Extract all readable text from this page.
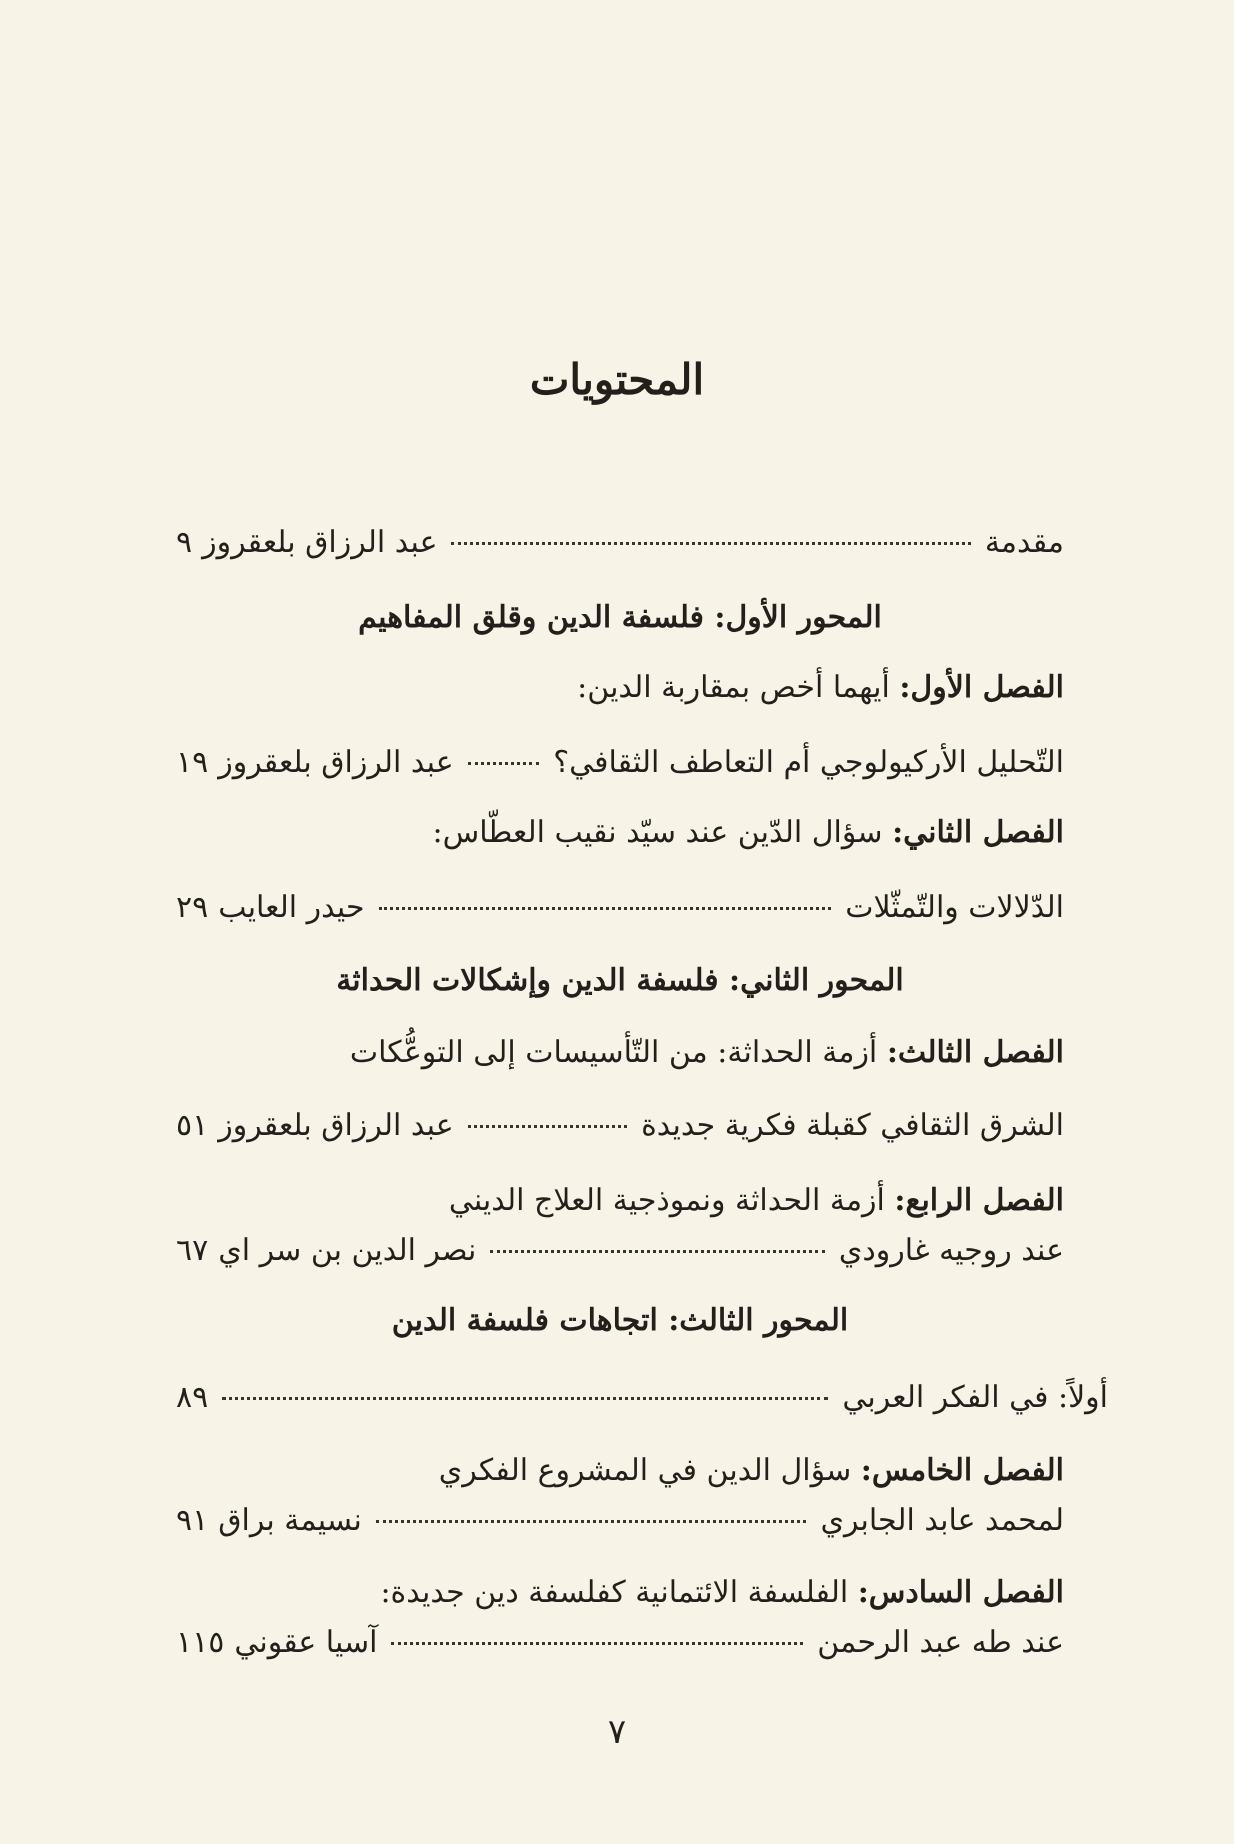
المحتويات
مقدمة
عبد الرزاق بلعقروز
٩
المحور الأول: فلسفة الدين وقلق المفاهيم
الفصل الأول: أيهما أخص بمقاربة الدين:
التّحليل الأركيولوجي أم التعاطف الثقافي؟
عبد الرزاق بلعقروز
١٩
الفصل الثاني: سؤال الدّين عند سيّد نقيب العطّاس:
الدّلالات والتّمثّلات
حيدر العايب
٢٩
المحور الثاني: فلسفة الدين وإشكالات الحداثة
الفصل الثالث: أزمة الحداثة: من التّأسيسات إلى التوعُّكات
الشرق الثقافي كقبلة فكرية جديدة
عبد الرزاق بلعقروز
٥١
الفصل الرابع: أزمة الحداثة ونموذجية العلاج الديني
عند روجيه غارودي
نصر الدين بن سر اي
٦٧
المحور الثالث: اتجاهات فلسفة الدين
أولاً: في الفكر العربي
٨٩
الفصل الخامس: سؤال الدين في المشروع الفكري
لمحمد عابد الجابري
نسيمة براق
٩١
الفصل السادس: الفلسفة الائتمانية كفلسفة دين جديدة:
عند طه عبد الرحمن
آسيا عقوني
١١٥
٧
